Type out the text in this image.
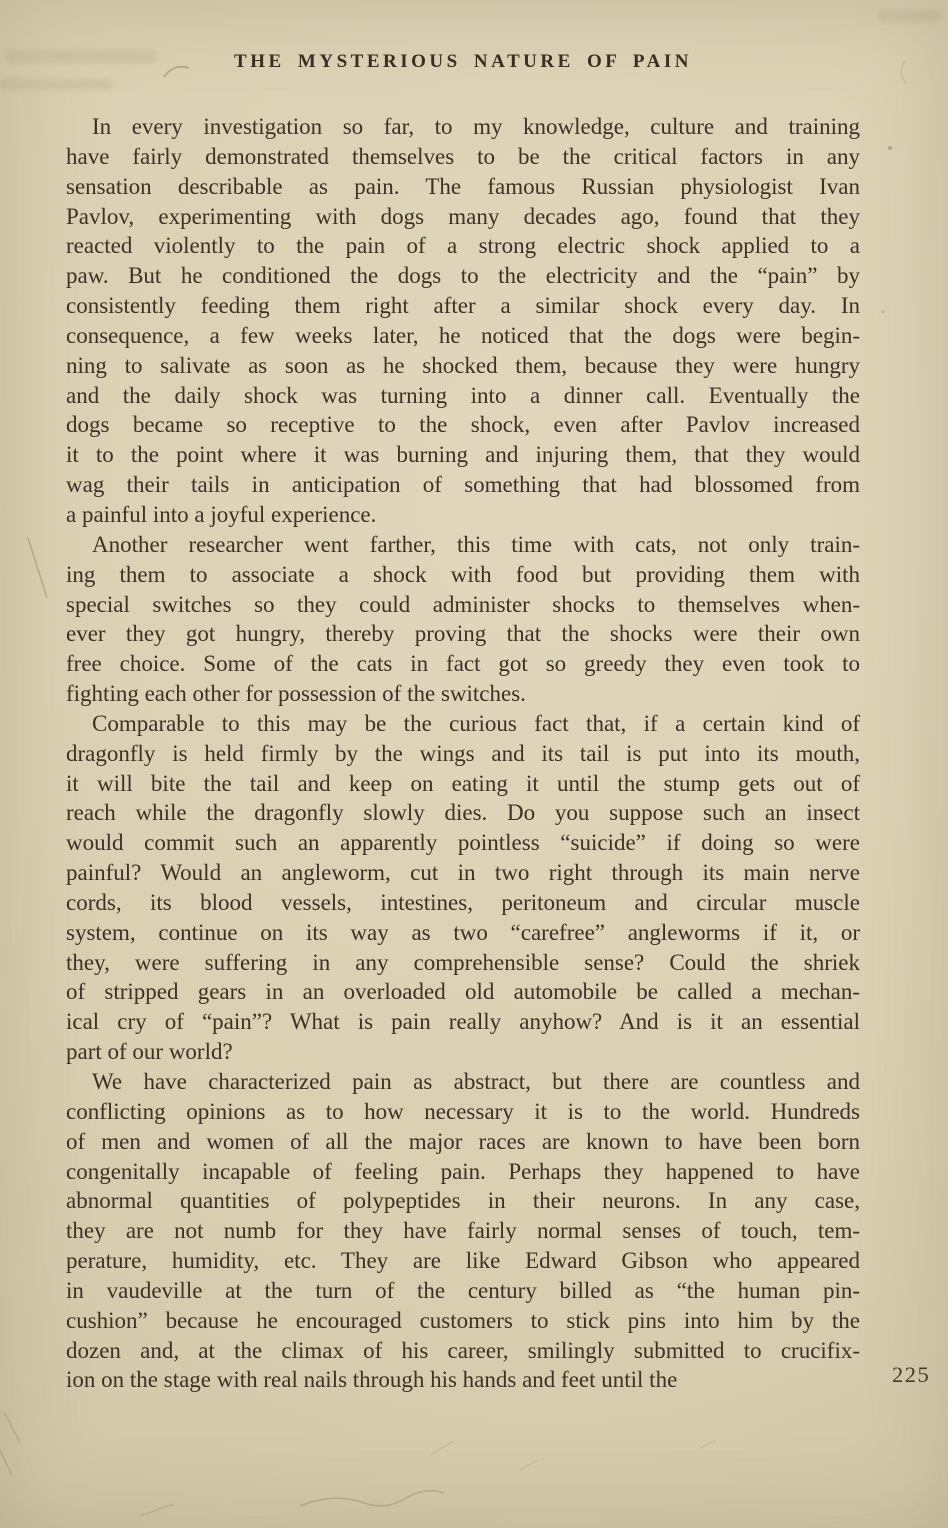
THE MYSTERIOUS NATURE OF PAIN
In every investigation so far, to my knowledge, culture and training
have fairly demonstrated themselves to be the critical factors in any
sensation describable as pain. The famous Russian physiologist Ivan
Pavlov, experimenting with dogs many decades ago, found that they
reacted violently to the pain of a strong electric shock applied to a
paw. But he conditioned the dogs to the electricity and the “pain” by
consistently feeding them right after a similar shock every day. In
consequence, a few weeks later, he noticed that the dogs were begin-
ning to salivate as soon as he shocked them, because they were hungry
and the daily shock was turning into a dinner call. Eventually the
dogs became so receptive to the shock, even after Pavlov increased
it to the point where it was burning and injuring them, that they would
wag their tails in anticipation of something that had blossomed from
a painful into a joyful experience.
Another researcher went farther, this time with cats, not only train-
ing them to associate a shock with food but providing them with
special switches so they could administer shocks to themselves when-
ever they got hungry, thereby proving that the shocks were their own
free choice. Some of the cats in fact got so greedy they even took to
fighting each other for possession of the switches.
Comparable to this may be the curious fact that, if a certain kind of
dragonfly is held firmly by the wings and its tail is put into its mouth,
it will bite the tail and keep on eating it until the stump gets out of
reach while the dragonfly slowly dies. Do you suppose such an insect
would commit such an apparently pointless “suicide” if doing so were
painful? Would an angleworm, cut in two right through its main nerve
cords, its blood vessels, intestines, peritoneum and circular muscle
system, continue on its way as two “carefree” angleworms if it, or
they, were suffering in any comprehensible sense? Could the shriek
of stripped gears in an overloaded old automobile be called a mechan-
ical cry of “pain”? What is pain really anyhow? And is it an essential
part of our world?
We have characterized pain as abstract, but there are countless and
conflicting opinions as to how necessary it is to the world. Hundreds
of men and women of all the major races are known to have been born
congenitally incapable of feeling pain. Perhaps they happened to have
abnormal quantities of polypeptides in their neurons. In any case,
they are not numb for they have fairly normal senses of touch, tem-
perature, humidity, etc. They are like Edward Gibson who appeared
in vaudeville at the turn of the century billed as “the human pin-
cushion” because he encouraged customers to stick pins into him by the
dozen and, at the climax of his career, smilingly submitted to crucifix-
ion on the stage with real nails through his hands and feet until the	225
